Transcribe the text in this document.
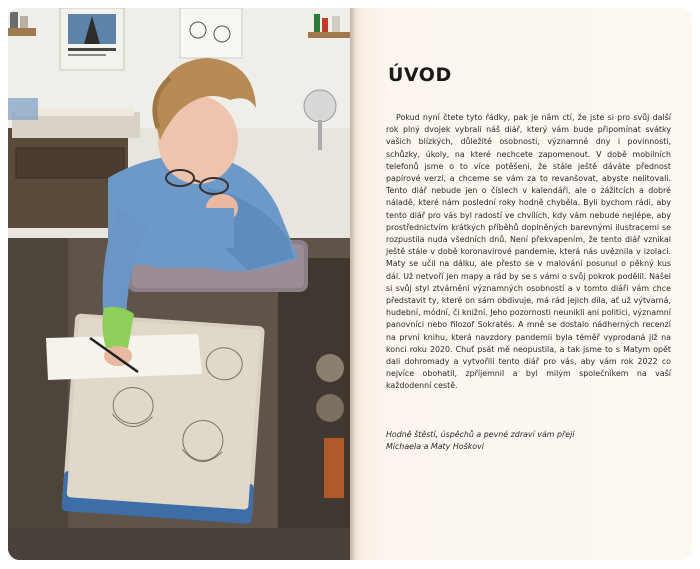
ÚVOD
Pokud nyní čtete tyto řádky, pak je nám ctí, že jste si pro svůj další rok plný dvojek vybrali náš diář, který vám bude připomínat svátky vašich blízkých, důležité osobnosti, významné dny i povinnosti, schůzky, úkoly, na které nechcete zapomenout. V době mobilních telefonů jsme o to více potěšeni, že stále ještě dáváte přednost papírové verzi, a chceme se vám za to revanšovat, abyste nelitovali. Tento diář nebude jen o číslech v kalendáři, ale o zážitcích a dobré náladě, které nám poslední roky hodně chyběla. Byli bychom rádi, aby tento diář pro vás byl radostí ve chvílích, kdy vám nebude nejlépe, aby prostřednictvím krátkých příběhů doplněných barevnými ilustracemi se rozpustila nuda všedních dnů. Není překvapením, že tento diář vznikal ještě stále v době koronavirové pandemie, která nás uvěznila v izolaci. Maty se učil na dálku, ale přesto se v malování posunul o pěkný kus dál. Už netvoří jen mapy a rád by se s vámi o svůj pokrok podělil. Našel si svůj styl ztvárnění významných osobností a v tomto diáři vám chce představit ty, které on sám obdivuje, má rád jejich díla, ať už výtvarná, hudební, módní, či knižní. Jeho pozornosti neunikli ani politici, významní panovníci nebo filozof Sokratés. A mně se dostalo nádherných recenzí na první knihu, která navzdory pandemii byla téměř vyprodaná již na konci roku 2020. Chuť psát mě neopustila, a tak jsme to s Matym opět dali dohromady a vytvořili tento diář pro vás, aby vám rok 2022 co nejvíce obohatil, zpříjemnil a byl milým společníkem na vaší každodenní cestě.
Hodně štěstí, úspěchů a pevné zdraví vám přejí
Michaela a Maty Hoškovi
